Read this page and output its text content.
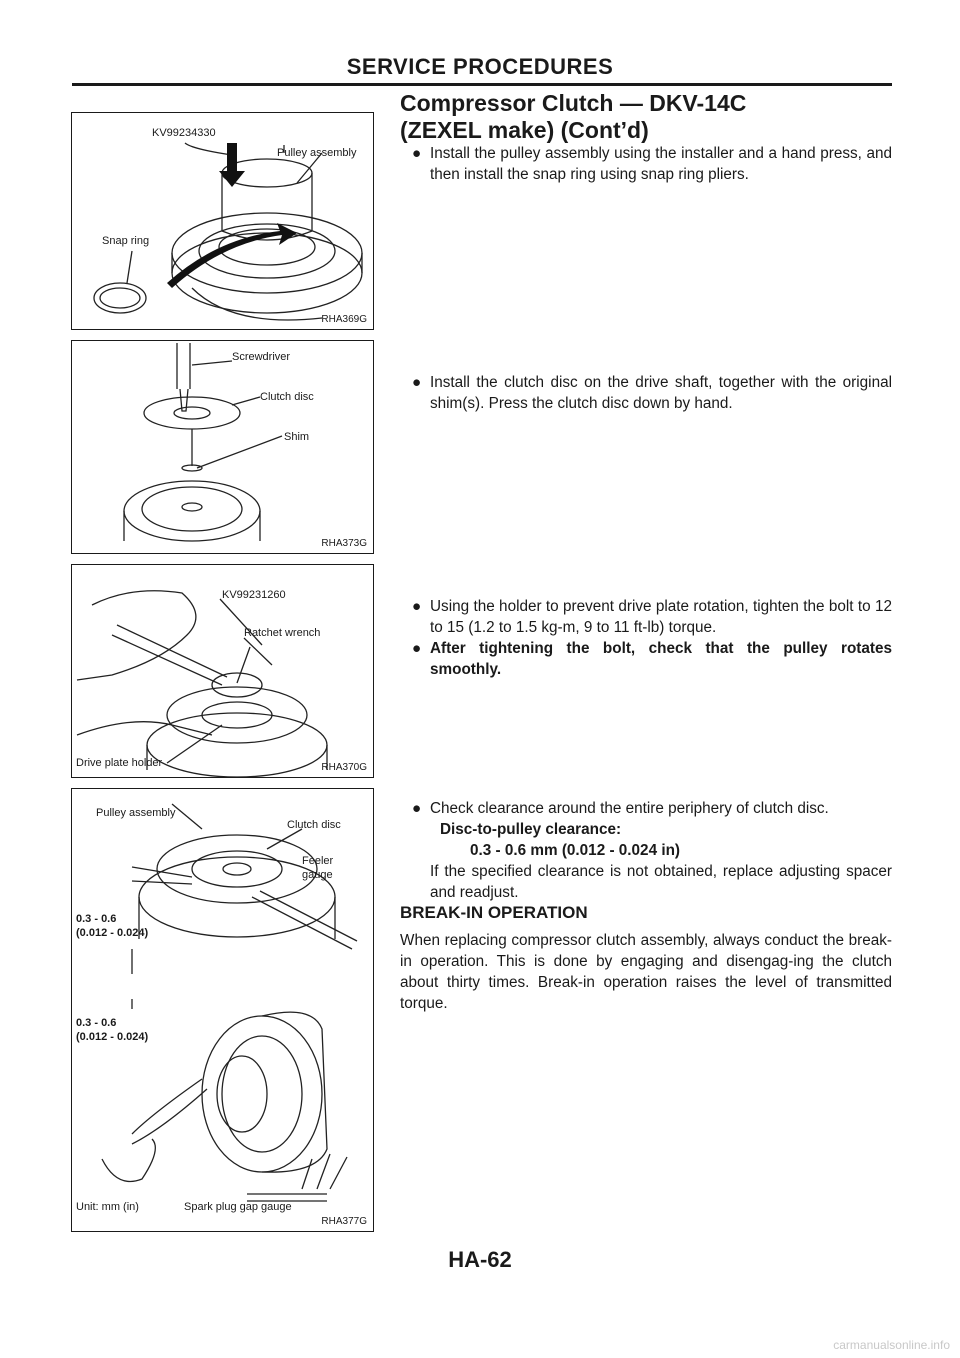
SERVICE PROCEDURES
Compressor Clutch — DKV-14C
(ZEXEL make) (Cont’d)
KV99234330
Pulley assembly
Snap ring
RHA369G
Screwdriver
Clutch disc
Shim
RHA373G
KV99231260
Ratchet wrench
Drive plate holder	RHA370G
Pulley assembly
Clutch disc
Feeler
gauge
0.3 - 0.6
(0.012 - 0.024)
0.3 - 0.6
(0.012 - 0.024)
Unit: mm (in)	Spark plug gap gauge
RHA377G
● Install the pulley assembly using the installer and a hand press, and then install the snap ring using snap ring pliers.
● Install the clutch disc on the drive shaft, together with the original shim(s). Press the clutch disc down by hand.
● Using the holder to prevent drive plate rotation, tighten the bolt to 12 to 15 (1.2 to 1.5 kg-m, 9 to 11 ft-lb) torque.
● After tightening the bolt, check that the pulley rotates smoothly.
● Check clearance around the entire periphery of clutch disc.
Disc-to-pulley clearance:
0.3 - 0.6 mm (0.012 - 0.024 in)
If the specified clearance is not obtained, replace adjusting spacer and readjust.
BREAK-IN OPERATION
When replacing compressor clutch assembly, always conduct the break-in operation. This is done by engaging and disengag-ing the clutch about thirty times. Break-in operation raises the level of transmitted torque.
HA-62
carmanualsonline.info
